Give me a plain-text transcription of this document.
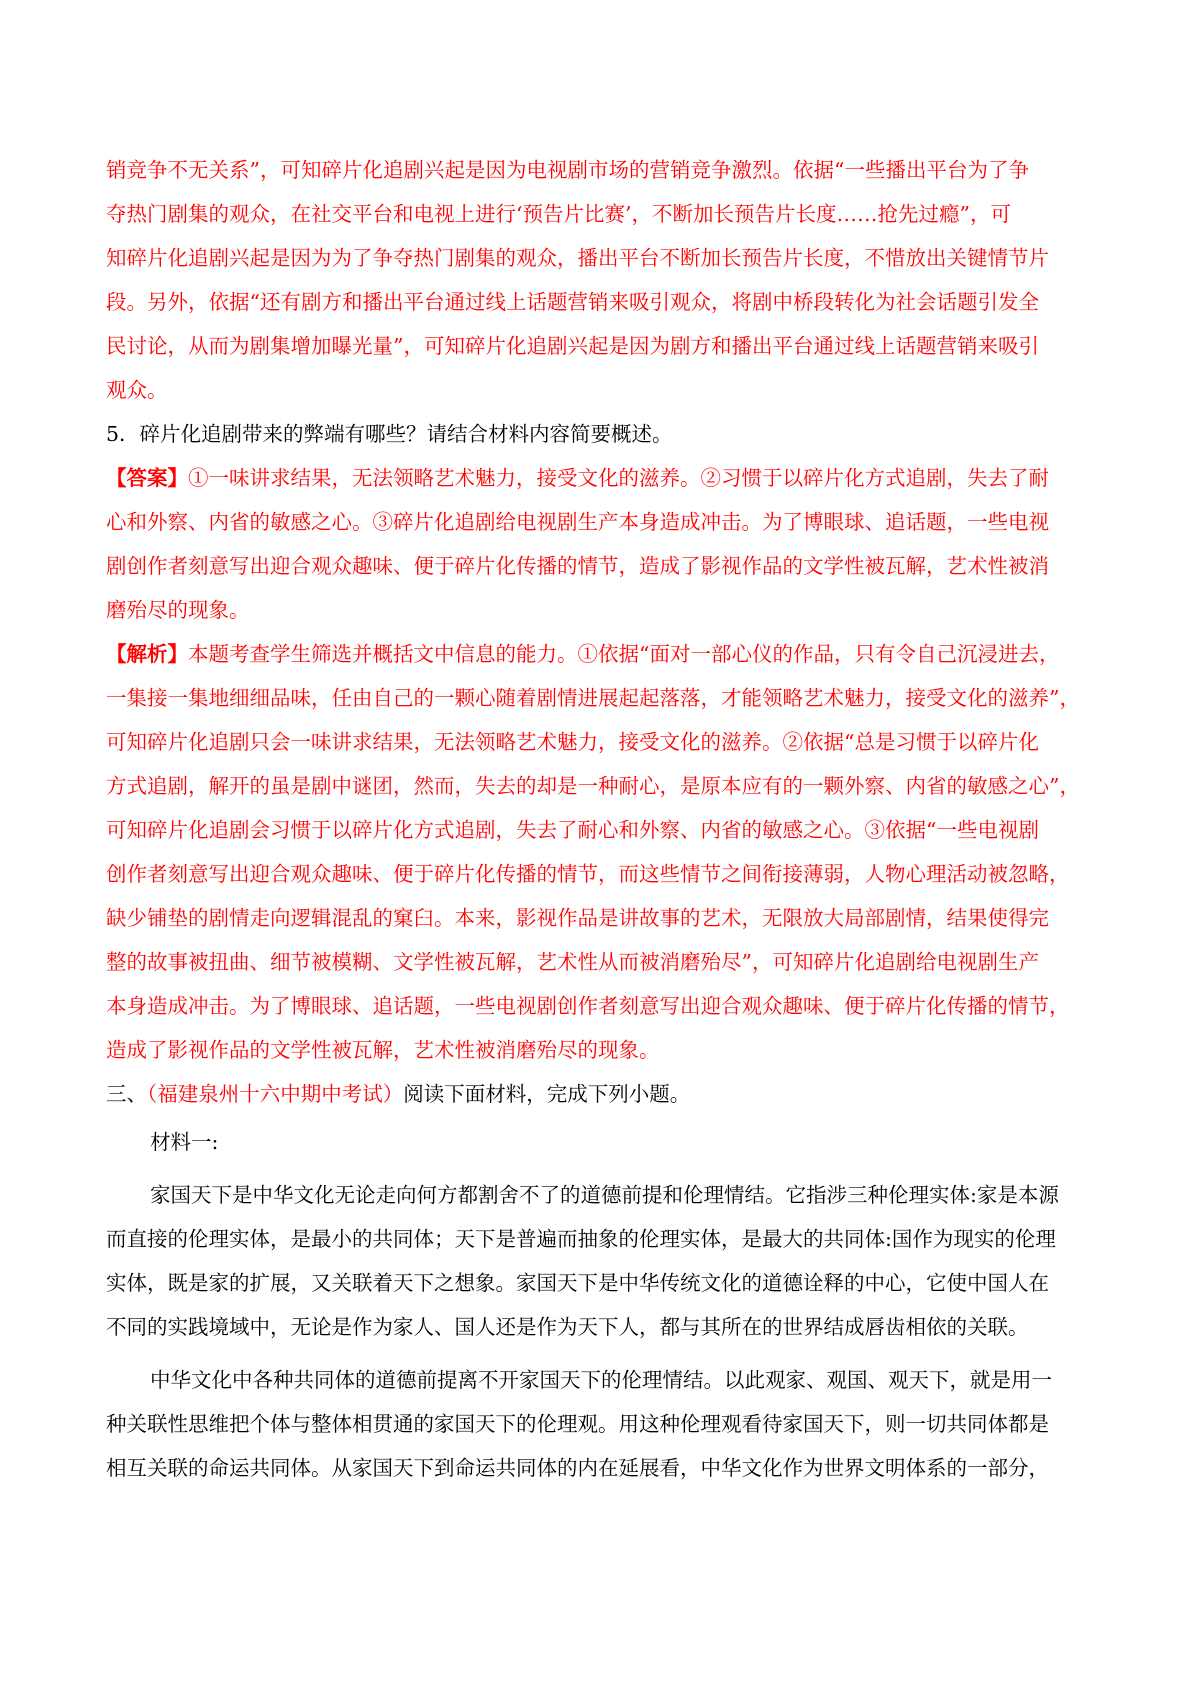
销竞争不无关系”，可知碎片化追剧兴起是因为电视剧市场的营销竞争激烈。依据“一些播出平台为了争
夺热门剧集的观众，在社交平台和电视上进行‘预告片比赛’，不断加长预告片长度……抢先过瘾”，可
知碎片化追剧兴起是因为为了争夺热门剧集的观众，播出平台不断加长预告片长度，不惜放出关键情节片
段。另外，依据“还有剧方和播出平台通过线上话题营销来吸引观众，将剧中桥段转化为社会话题引发全
民讨论，从而为剧集增加曝光量”，可知碎片化追剧兴起是因为剧方和播出平台通过线上话题营销来吸引
观众。
5．碎片化追剧带来的弊端有哪些？请结合材料内容简要概述。
【答案】①一味讲求结果，无法领略艺术魅力，接受文化的滋养。②习惯于以碎片化方式追剧，失去了耐
心和外察、内省的敏感之心。③碎片化追剧给电视剧生产本身造成冲击。为了博眼球、追话题，一些电视
剧创作者刻意写出迎合观众趣味、便于碎片化传播的情节，造成了影视作品的文学性被瓦解，艺术性被消
磨殆尽的现象。
【解析】本题考查学生筛选并概括文中信息的能力。①依据“面对一部心仪的作品，只有令自己沉浸进去，
一集接一集地细细品味，任由自己的一颗心随着剧情进展起起落落，才能领略艺术魅力，接受文化的滋养”，
可知碎片化追剧只会一味讲求结果，无法领略艺术魅力，接受文化的滋养。②依据“总是习惯于以碎片化
方式追剧，解开的虽是剧中谜团，然而，失去的却是一种耐心，是原本应有的一颗外察、内省的敏感之心”，
可知碎片化追剧会习惯于以碎片化方式追剧，失去了耐心和外察、内省的敏感之心。③依据“一些电视剧
创作者刻意写出迎合观众趣味、便于碎片化传播的情节，而这些情节之间衔接薄弱，人物心理活动被忽略，
缺少铺垫的剧情走向逻辑混乱的窠臼。本来，影视作品是讲故事的艺术，无限放大局部剧情，结果使得完
整的故事被扭曲、细节被模糊、文学性被瓦解，艺术性从而被消磨殆尽”，可知碎片化追剧给电视剧生产
本身造成冲击。为了博眼球、追话题，一些电视剧创作者刻意写出迎合观众趣味、便于碎片化传播的情节，
造成了影视作品的文学性被瓦解，艺术性被消磨殆尽的现象。
三、（福建泉州十六中期中考试）阅读下面材料，完成下列小题。
材料一:
家国天下是中华文化无论走向何方都割舍不了的道德前提和伦理情结。它指涉三种伦理实体:家是本源
而直接的伦理实体，是最小的共同体；天下是普遍而抽象的伦理实体，是最大的共同体:国作为现实的伦理
实体，既是家的扩展，又关联着天下之想象。家国天下是中华传统文化的道德诠释的中心，它使中国人在
不同的实践境域中，无论是作为家人、国人还是作为天下人，都与其所在的世界结成唇齿相依的关联。
中华文化中各种共同体的道德前提离不开家国天下的伦理情结。以此观家、观国、观天下，就是用一
种关联性思维把个体与整体相贯通的家国天下的伦理观。用这种伦理观看待家国天下，则一切共同体都是
相互关联的命运共同体。从家国天下到命运共同体的内在延展看，中华文化作为世界文明体系的一部分，
